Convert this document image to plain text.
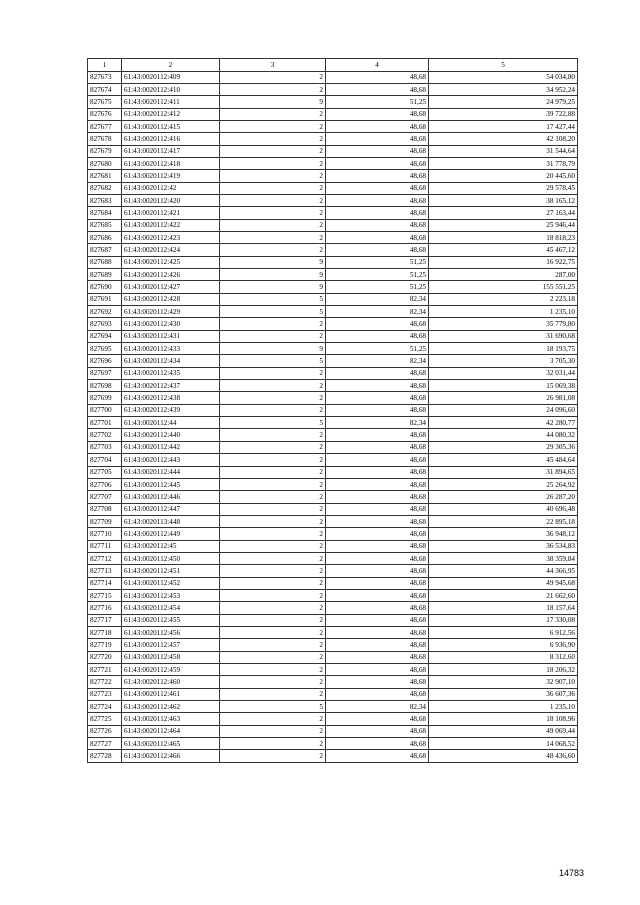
1	2	3	4	5
827673	61:43:0020112:409	2	48,68	54 034,80
827674	61:43:0020112:410	2	48,68	34 952,24
827675	61:43:0020112:411	9	51,25	24 979,25
827676	61:43:0020112:412	2	48,68	39 722,88
827677	61:43:0020112:415	2	48,68	17 427,44
827678	61:43:0020112:416	2	48,68	42 108,20
827679	61:43:0020112:417	2	48,68	31 544,64
827680	61:43:0020112:418	2	48,68	31 778,79
827681	61:43:0020112:419	2	48,68	20 445,60
827682	61:43:0020112:42	2	48,68	29 578,45
827683	61:43:0020112:420	2	48,68	38 165,12
827684	61:43:0020112:421	2	48,68	27 163,44
827685	61:43:0020112:422	2	48,68	25 946,44
827686	61:43:0020112:423	2	48,68	18 818,23
827687	61:43:0020112:424	2	48,68	45 467,12
827688	61:43:0020112:425	9	51,25	16 922,75
827689	61:43:0020112:426	9	51,25	287,00
827690	61:43:0020112:427	9	51,25	155 551,25
827691	61:43:0020112:428	5	82,34	2 223,18
827692	61:43:0020112:429	5	82,34	1 235,10
827693	61:43:0020112:430	2	48,68	35 779,80
827694	61:43:0020112:431	2	48,68	31 690,68
827695	61:43:0020112:433	9	51,25	18 193,75
827696	61:43:0020112:434	5	82,34	3 705,30
827697	61:43:0020112:435	2	48,68	32 031,44
827698	61:43:0020112:437	2	48,68	15 069,38
827699	61:43:0020112:438	2	48,68	26 981,08
827700	61:43:0020112:439	2	48,68	24 096,60
827701	61:43:0020112:44	5	82,34	42 280,77
827702	61:43:0020112:440	2	48,68	44 080,32
827703	61:43:0020112:442	2	48,68	29 305,36
827704	61:43:0020112:443	2	48,68	45 484,64
827705	61:43:0020112:444	2	48,68	31 894,65
827706	61:43:0020112:445	2	48,68	25 264,92
827707	61:43:0020112:446	2	48,68	26 287,20
827708	61:43:0020112:447	2	48,68	40 696,48
827709	61:43:0020113:448	2	48,68	22 895,18
827710	61:43:0020112:449	2	48,68	36 948,12
827711	61:43:0020112:45	2	48,68	36 534,83
827712	61:43:0020112:450	2	48,68	38 359,84
827713	61:43:0020112:451	2	48,68	44 366,95
827714	61:43:0020112:452	2	48,68	49 945,68
827715	61:43:0020112:453	2	48,68	21 662,60
827716	61:43:0020112:454	2	48,68	18 157,64
827717	61:43:0020112:455	2	48,68	17 330,08
827718	61:43:0020112:456	2	48,68	6 912,56
827719	61:43:0020112:457	2	48,68	6 936,90
827720	61:43:0020112:458	2	48,68	8 312,60
827721	61:43:0020112:459	2	48,68	18 206,32
827722	61:43:0020112:460	2	48,68	32 907,10
827723	61:43:0020112:461	2	48,68	36 607,36
827724	61:43:0020112:462	5	82,34	1 235,10
827725	61:43:0020112:463	2	48,68	18 108,96
827726	61:43:0020112:464	2	48,68	49 069,44
827727	61:43:0020112:465	2	48,68	14 068,52
827728	61:43:0020112:466	2	48,68	48 436,60
14783
